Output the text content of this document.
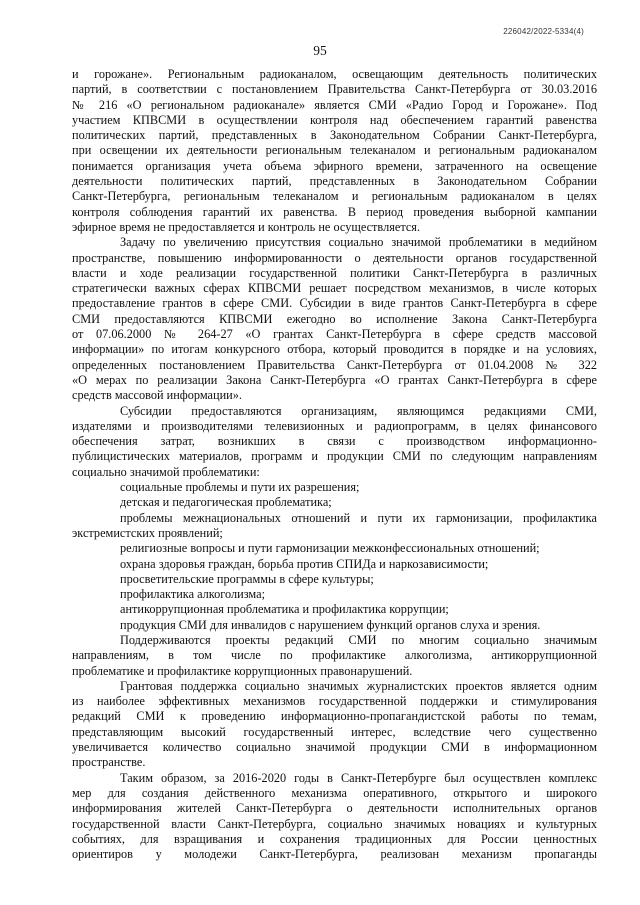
226042/2022-5334(4)
95
и горожане». Региональным радиоканалом, освещающим деятельность политических
партий, в соответствии с постановлением Правительства Санкт-Петербурга от 30.03.2016
№ 216 «О региональном радиоканале» является СМИ «Радио Город и Горожане». Под
участием КПВСМИ в осуществлении контроля над обеспечением гарантий равенства
политических партий, представленных в Законодательном Собрании Санкт-Петербурга,
при освещении их деятельности региональным телеканалом и региональным радиоканалом
понимается организация учета объема эфирного времени, затраченного на освещение
деятельности политических партий, представленных в Законодательном Собрании
Санкт-Петербурга, региональным телеканалом и региональным радиоканалом в целях
контроля соблюдения гарантий их равенства. В период проведения выборной кампании
эфирное время не предоставляется и контроль не осуществляется.
Задачу по увеличению присутствия социально значимой проблематики в медийном
пространстве, повышению информированности о деятельности органов государственной
власти и ходе реализации государственной политики Санкт-Петербурга в различных
стратегически важных сферах КПВСМИ решает посредством механизмов, в числе которых
предоставление грантов в сфере СМИ. Субсидии в виде грантов Санкт-Петербурга в сфере
СМИ предоставляются КПВСМИ ежегодно во исполнение Закона Санкт-Петербурга
от 07.06.2000 № 264-27 «О грантах Санкт-Петербурга в сфере средств массовой
информации» по итогам конкурсного отбора, который проводится в порядке и на условиях,
определенных постановлением Правительства Санкт-Петербурга от 01.04.2008 № 322
«О мерах по реализации Закона Санкт-Петербурга «О грантах Санкт-Петербурга в сфере
средств массовой информации».
Субсидии предоставляются организациям, являющимся редакциями СМИ,
издателями и производителями телевизионных и радиопрограмм, в целях финансового
обеспечения затрат, возникших в связи с производством информационно-
публицистических материалов, программ и продукции СМИ по следующим направлениям
социально значимой проблематики:
социальные проблемы и пути их разрешения;
детская и педагогическая проблематика;
проблемы межнациональных отношений и пути их гармонизации, профилактика
экстремистских проявлений;
религиозные вопросы и пути гармонизации межконфессиональных отношений;
охрана здоровья граждан, борьба против СПИДа и наркозависимости;
просветительские программы в сфере культуры;
профилактика алкоголизма;
антикоррупционная проблематика и профилактика коррупции;
продукция СМИ для инвалидов с нарушением функций органов слуха и зрения.
Поддерживаются проекты редакций СМИ по многим социально значимым
направлениям, в том числе по профилактике алкоголизма, антикоррупционной
проблематике и профилактике коррупционных правонарушений.
Грантовая поддержка социально значимых журналистских проектов является одним
из наиболее эффективных механизмов государственной поддержки и стимулирования
редакций СМИ к проведению информационно-пропагандистской работы по темам,
представляющим высокий государственный интерес, вследствие чего существенно
увеличивается количество социально значимой продукции СМИ в информационном
пространстве.
Таким образом, за 2016-2020 годы в Санкт-Петербурге был осуществлен комплекс
мер для создания действенного механизма оперативного, открытого и широкого
информирования жителей Санкт-Петербурга о деятельности исполнительных органов
государственной власти Санкт-Петербурга, социально значимых новациях и культурных
событиях, для взращивания и сохранения традиционных для России ценностных
ориентиров у молодежи Санкт-Петербурга, реализован механизм пропаганды
